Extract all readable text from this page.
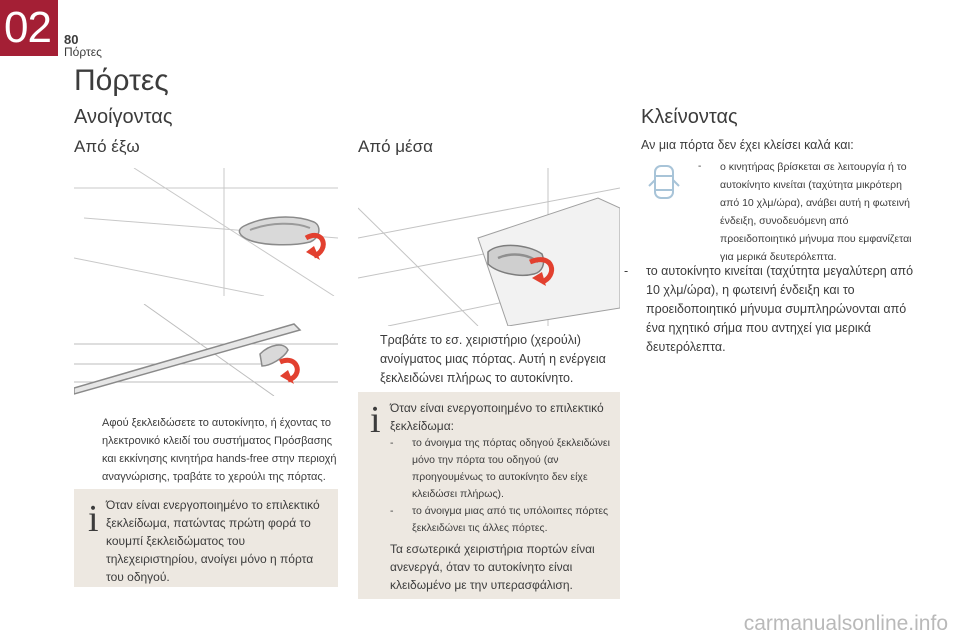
02 80
Πόρτες
Πόρτες
Ανοίγοντας
Από έξω
Αφού ξεκλειδώσετε το αυτοκίνητο, ή έχοντας το ηλεκτρονικό κλειδί του συστήματος Πρόσβασης και εκκίνησης κινητήρα hands-free στην περιοχή αναγνώρισης, τραβάτε το χερούλι της πόρτας.
i Όταν είναι ενεργοποιημένο το επιλεκτικό ξεκλείδωμα, πατώντας πρώτη φορά το κουμπί ξεκλειδώματος του τηλεχειριστηρίου, ανοίγει μόνο η πόρτα του οδηγού.
Από μέσα
Τραβάτε το εσ. χειριστήριο (χερούλι) ανοίγματος μιας πόρτας. Αυτή η ενέργεια ξεκλειδώνει πλήρως το αυτοκίνητο.
i Όταν είναι ενεργοποιημένο το επιλεκτικό ξεκλείδωμα:
- το άνοιγμα της πόρτας οδηγού ξεκλειδώνει μόνο την πόρτα του οδηγού (αν προηγουμένως το αυτοκίνητο δεν είχε κλειδώσει πλήρως).
- το άνοιγμα μιας από τις υπόλοιπες πόρτες ξεκλειδώνει τις άλλες πόρτες.
Τα εσωτερικά χειριστήρια πορτών είναι ανενεργά, όταν το αυτοκίνητο είναι κλειδωμένο με την υπερασφάλιση.
Κλείνοντας
Αν μια πόρτα δεν έχει κλείσει καλά και:
- ο κινητήρας βρίσκεται σε λειτουργία ή το αυτοκίνητο κινείται (ταχύτητα μικρότερη από 10 χλμ/ώρα), ανάβει αυτή η φωτεινή ένδειξη, συνοδευόμενη από προειδοποιητικό μήνυμα που εμφανίζεται για μερικά δευτερόλεπτα.
- το αυτοκίνητο κινείται (ταχύτητα μεγαλύτερη από 10 χλμ/ώρα), η φωτεινή ένδειξη και το προειδοποιητικό μήνυμα συμπληρώνονται από ένα ηχητικό σήμα που αντηχεί για μερικά δευτερόλεπτα.
carmanualsonline.info
